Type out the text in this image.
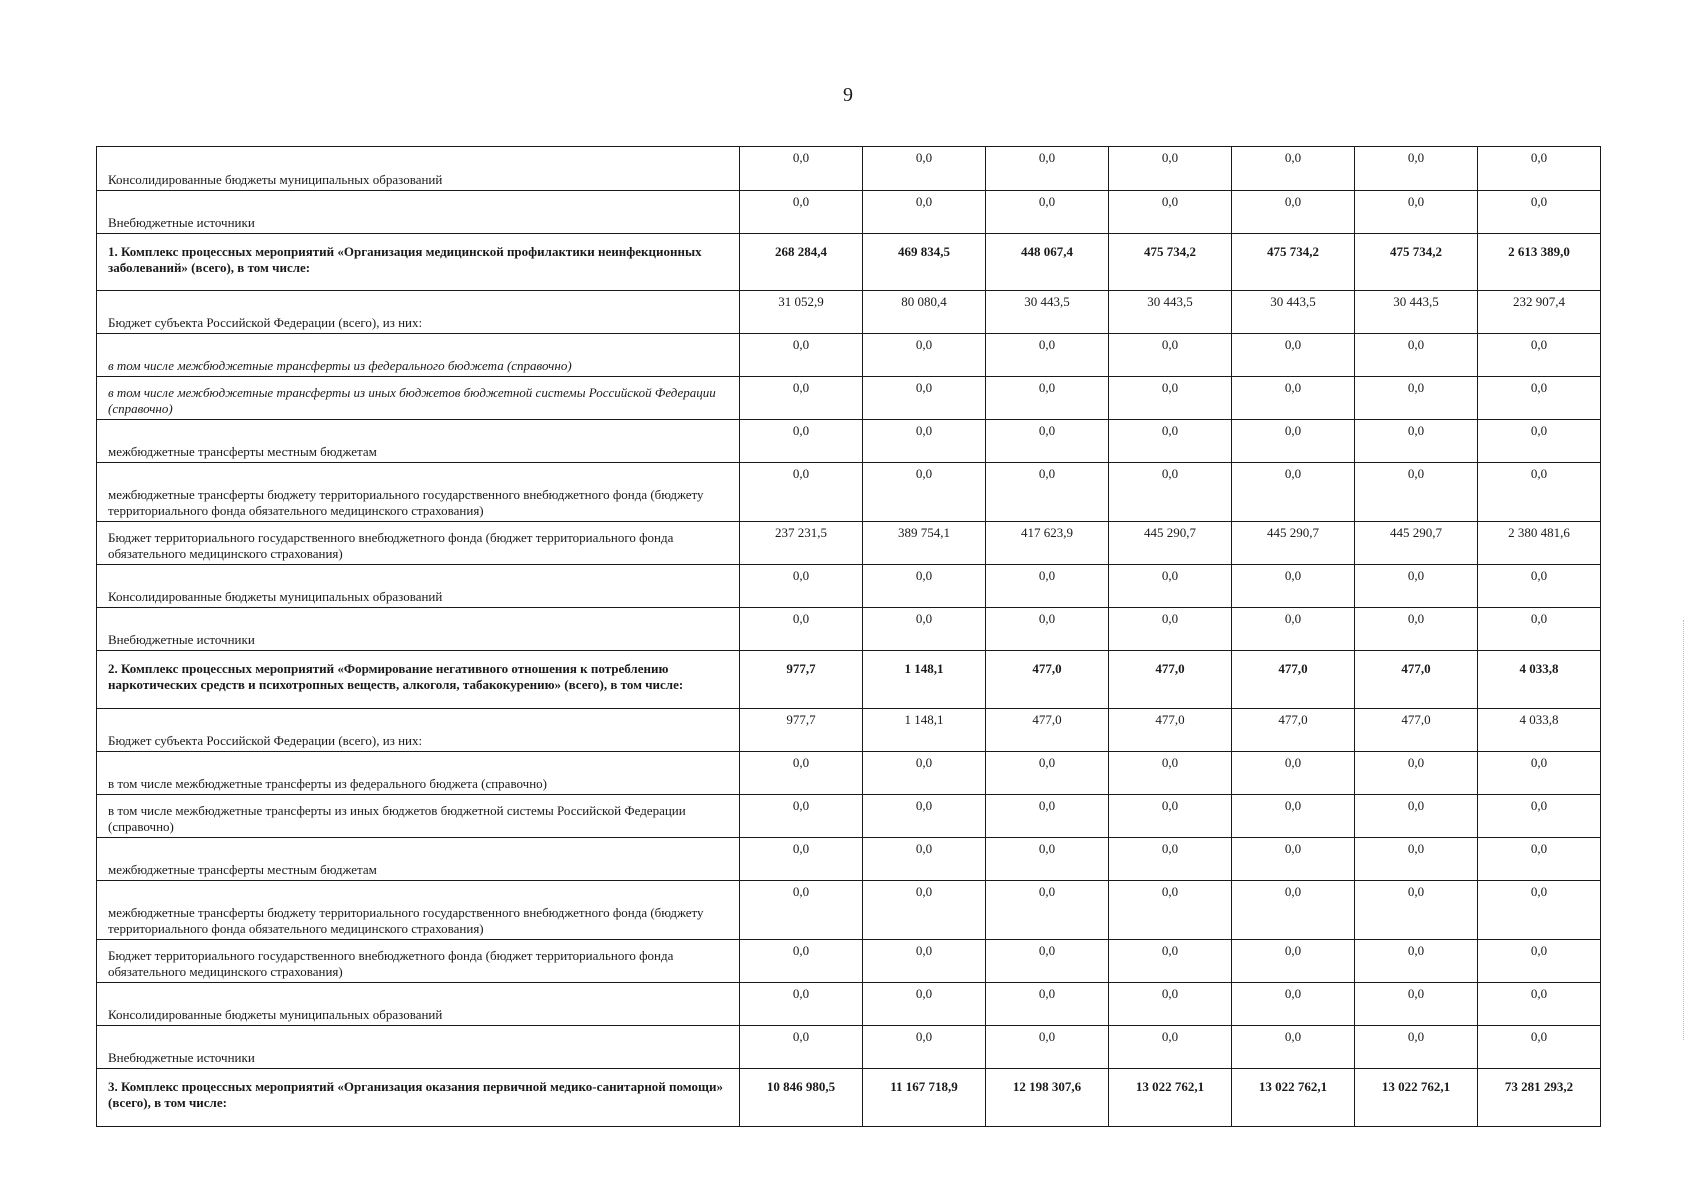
9
Консолидированные бюджеты муниципальных образований	0,0	0,0	0,0	0,0	0,0	0,0	0,0
Внебюджетные источники	0,0	0,0	0,0	0,0	0,0	0,0	0,0
1. Комплекс процессных мероприятий «Организация медицинской профилактики неинфекционных заболеваний» (всего), в том числе:	268 284,4	469 834,5	448 067,4	475 734,2	475 734,2	475 734,2	2 613 389,0
Бюджет субъекта Российской Федерации (всего), из них:	31 052,9	80 080,4	30 443,5	30 443,5	30 443,5	30 443,5	232 907,4
в том числе межбюджетные трансферты из федерального бюджета (справочно)	0,0	0,0	0,0	0,0	0,0	0,0	0,0
в том числе межбюджетные трансферты из иных бюджетов бюджетной системы Российской Федерации (справочно)	0,0	0,0	0,0	0,0	0,0	0,0	0,0
межбюджетные трансферты местным бюджетам	0,0	0,0	0,0	0,0	0,0	0,0	0,0
межбюджетные трансферты бюджету территориального государственного внебюджетного фонда (бюджету территориального фонда обязательного медицинского страхования)	0,0	0,0	0,0	0,0	0,0	0,0	0,0
Бюджет территориального государственного внебюджетного фонда (бюджет территориального фонда обязательного медицинского страхования)	237 231,5	389 754,1	417 623,9	445 290,7	445 290,7	445 290,7	2 380 481,6
Консолидированные бюджеты муниципальных образований	0,0	0,0	0,0	0,0	0,0	0,0	0,0
Внебюджетные источники	0,0	0,0	0,0	0,0	0,0	0,0	0,0
2. Комплекс процессных мероприятий «Формирование негативного отношения к потреблению наркотических средств и психотропных веществ, алкоголя, табакокурению» (всего), в том числе:	977,7	1 148,1	477,0	477,0	477,0	477,0	4 033,8
Бюджет субъекта Российской Федерации (всего), из них:	977,7	1 148,1	477,0	477,0	477,0	477,0	4 033,8
в том числе межбюджетные трансферты из федерального бюджета (справочно)	0,0	0,0	0,0	0,0	0,0	0,0	0,0
в том числе межбюджетные трансферты из иных бюджетов бюджетной системы Российской Федерации (справочно)	0,0	0,0	0,0	0,0	0,0	0,0	0,0
межбюджетные трансферты местным бюджетам	0,0	0,0	0,0	0,0	0,0	0,0	0,0
межбюджетные трансферты бюджету территориального государственного внебюджетного фонда (бюджету территориального фонда обязательного медицинского страхования)	0,0	0,0	0,0	0,0	0,0	0,0	0,0
Бюджет территориального государственного внебюджетного фонда (бюджет территориального фонда обязательного медицинского страхования)	0,0	0,0	0,0	0,0	0,0	0,0	0,0
Консолидированные бюджеты муниципальных образований	0,0	0,0	0,0	0,0	0,0	0,0	0,0
Внебюджетные источники	0,0	0,0	0,0	0,0	0,0	0,0	0,0
3. Комплекс процессных мероприятий «Организация оказания первичной медико-санитарной помощи» (всего), в том числе:	10 846 980,5	11 167 718,9	12 198 307,6	13 022 762,1	13 022 762,1	13 022 762,1	73 281 293,2
